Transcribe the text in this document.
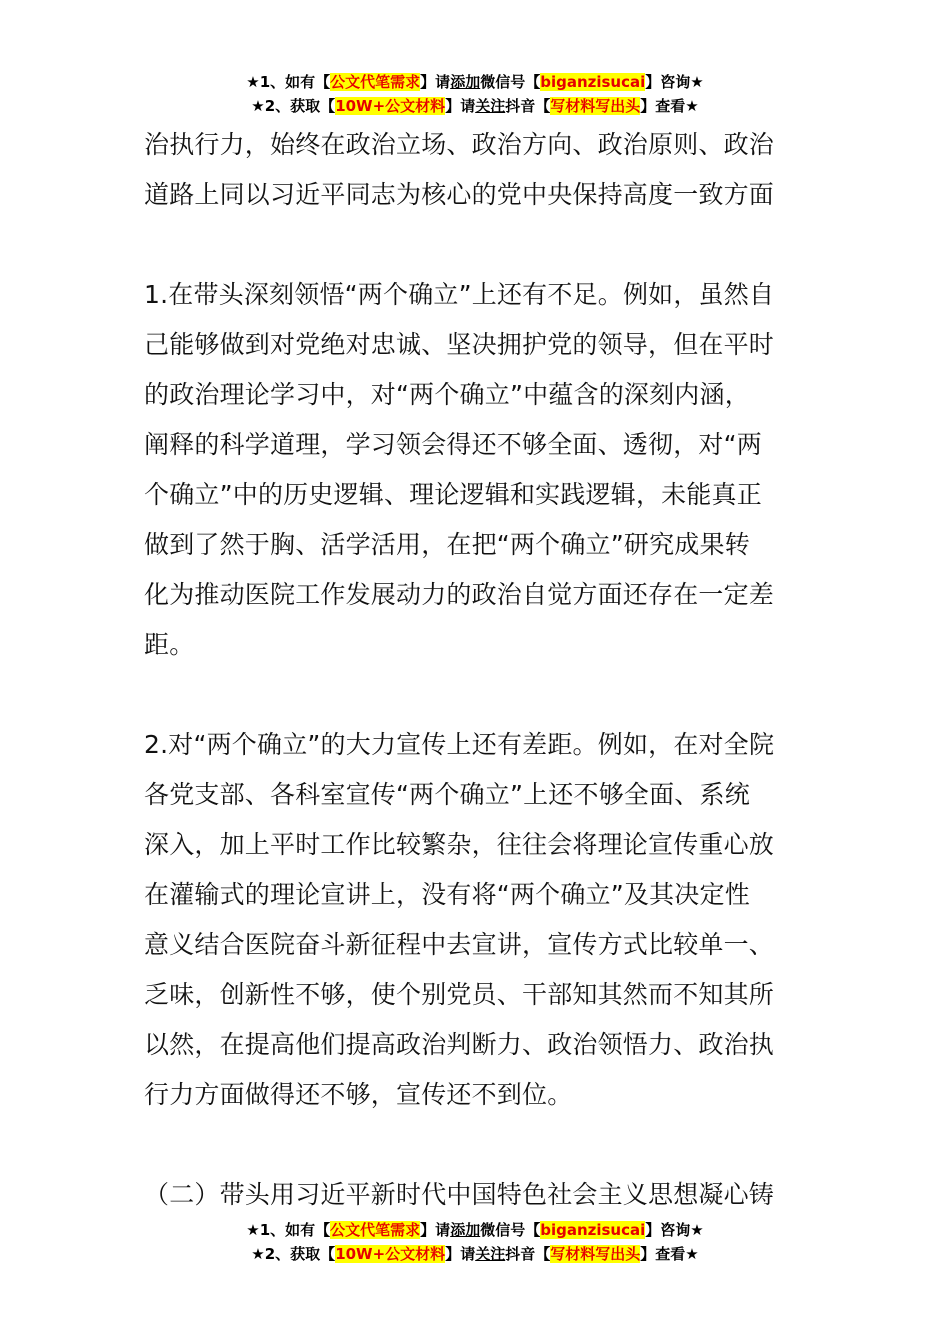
★1、如有【公文代笔需求】请添加微信号【biganzisucai】咨询★
★2、获取【10W+公文材料】请关注抖音【写材料写出头】查看★
治执行力，始终在政治立场、政治方向、政治原则、政治
道路上同以习近平同志为核心的党中央保持高度一致方面
1.在带头深刻领悟“两个确立”上还有不足。例如，虽然自
己能够做到对党绝对忠诚、坚决拥护党的领导，但在平时
的政治理论学习中，对“两个确立”中蕴含的深刻内涵，
阐释的科学道理，学习领会得还不够全面、透彻，对“两
个确立”中的历史逻辑、理论逻辑和实践逻辑，未能真正
做到了然于胸、活学活用，在把“两个确立”研究成果转
化为推动医院工作发展动力的政治自觉方面还存在一定差
距。
2.对“两个确立”的大力宣传上还有差距。例如，在对全院
各党支部、各科室宣传“两个确立”上还不够全面、系统
深入，加上平时工作比较繁杂，往往会将理论宣传重心放
在灌输式的理论宣讲上，没有将“两个确立”及其决定性
意义结合医院奋斗新征程中去宣讲，宣传方式比较单一、
乏味，创新性不够，使个别党员、干部知其然而不知其所
以然，在提高他们提高政治判断力、政治领悟力、政治执
行力方面做得还不够，宣传还不到位。
（二）带头用习近平新时代中国特色社会主义思想凝心铸
★1、如有【公文代笔需求】请添加微信号【biganzisucai】咨询★
★2、获取【10W+公文材料】请关注抖音【写材料写出头】查看★
